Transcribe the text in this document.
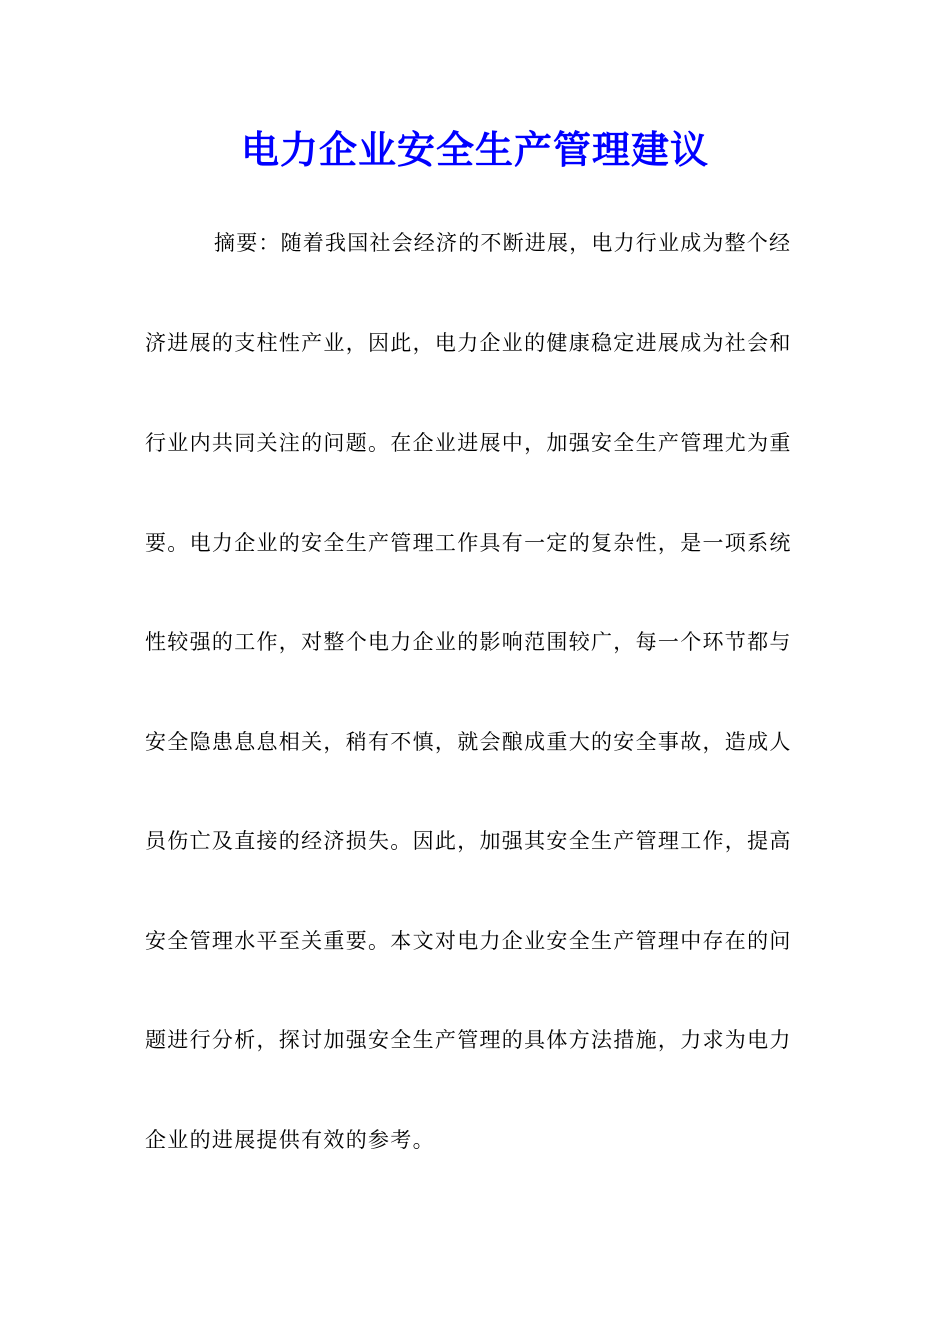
电力企业安全生产管理建议
摘要：随着我国社会经济的不断进展，电力行业成为整个经
济进展的支柱性产业，因此，电力企业的健康稳定进展成为社会和
行业内共同关注的问题。在企业进展中，加强安全生产管理尤为重
要。电力企业的安全生产管理工作具有一定的复杂性，是一项系统
性较强的工作，对整个电力企业的影响范围较广，每一个环节都与
安全隐患息息相关，稍有不慎，就会酿成重大的安全事故，造成人
员伤亡及直接的经济损失。因此，加强其安全生产管理工作，提高
安全管理水平至关重要。本文对电力企业安全生产管理中存在的问
题进行分析，探讨加强安全生产管理的具体方法措施，力求为电力
企业的进展提供有效的参考。
